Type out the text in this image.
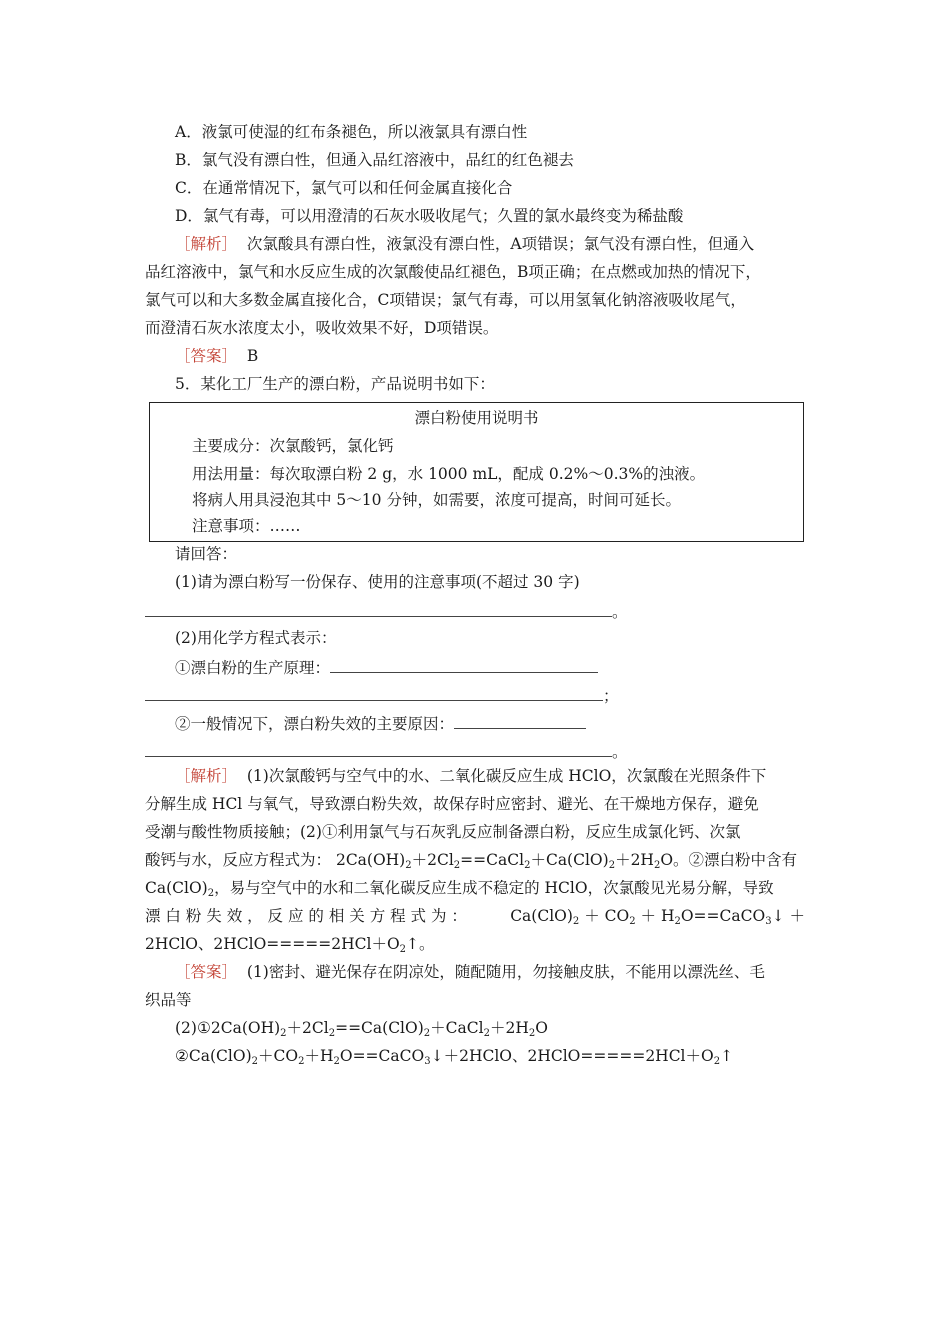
A．液氯可使湿的红布条褪色，所以液氯具有漂白性
B．氯气没有漂白性，但通入品红溶液中，品红的红色褪去
C．在通常情况下，氯气可以和任何金属直接化合
D．氯气有毒，可以用澄清的石灰水吸收尾气；久置的氯水最终变为稀盐酸
［解析］ 次氯酸具有漂白性，液氯没有漂白性，A项错误；氯气没有漂白性，但通入
品红溶液中，氯气和水反应生成的次氯酸使品红褪色，B项正确；在点燃或加热的情况下，
氯气可以和大多数金属直接化合，C项错误；氯气有毒，可以用氢氧化钠溶液吸收尾气，
而澄清石灰水浓度太小，吸收效果不好，D项错误。
［答案］ B
5．某化工厂生产的漂白粉，产品说明书如下：
漂白粉使用说明书
主要成分：次氯酸钙，氯化钙
用法用量：每次取漂白粉 2 g，水 1000 mL，配成 0.2%～0.3%的浊液。
将病人用具浸泡其中 5～10 分钟，如需要，浓度可提高，时间可延长。
注意事项：……
请回答：
(1)请为漂白粉写一份保存、使用的注意事项(不超过 30 字)
。
(2)用化学方程式表示：
①漂白粉的生产原理：
；
②一般情况下，漂白粉失效的主要原因：
。
［解析］ (1)次氯酸钙与空气中的水、二氧化碳反应生成 HClO，次氯酸在光照条件下
分解生成 HCl 与氧气，导致漂白粉失效，故保存时应密封、避光、在干燥地方保存，避免
受潮与酸性物质接触；(2)①利用氯气与石灰乳反应制备漂白粉，反应生成氯化钙、次氯
酸钙与水，反应方程式为： $2Ca(OH)_2+2Cl_2==CaCl_2+Ca(ClO)_2+2H_2O$。②漂白粉中含有
$Ca(ClO)_2$，易与空气中的水和二氧化碳反应生成不稳定的 HClO，次氯酸见光易分解，导致
漂 白 粉 失 效 ， 反 应 的 相 关 方 程 式 为 ：	$Ca(ClO)_2 + CO_2$ ＋ $H_2O==CaCO_3↓$ ＋
2HClO、$2HClO=====2HCl+O_2↑$。
［答案］ (1)密封、避光保存在阴凉处，随配随用，勿接触皮肤，不能用以漂洗丝、毛
织品等
$(2)①2Ca(OH)_2+2Cl_2==Ca(ClO)_2+CaCl_2+2H_2O$
$②Ca(ClO)_2+CO_2+H_2O==CaCO_3↓+2HClO$、$2HClO=====2HCl+O_2↑$
